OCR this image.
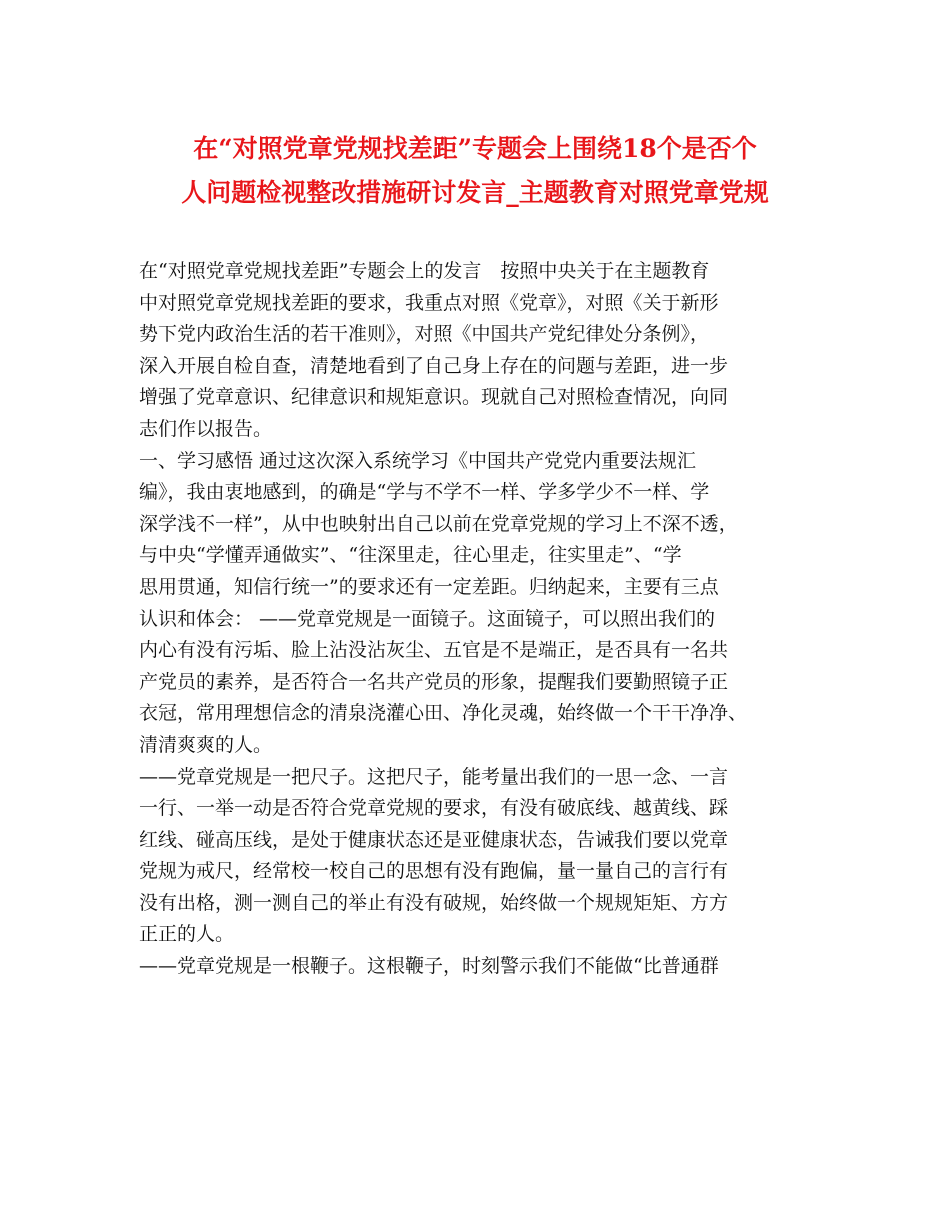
在“对照党章党规找差距”专题会上围绕18个是否个
人问题检视整改措施研讨发言_主题教育对照党章党规
在“对照党章党规找差距”专题会上的发言　按照中央关于在主题教育
中对照党章党规找差距的要求，我重点对照《党章》，对照《关于新形
势下党内政治生活的若干准则》，对照《中国共产党纪律处分条例》，
深入开展自检自查，清楚地看到了自己身上存在的问题与差距，进一步
增强了党章意识、纪律意识和规矩意识。现就自己对照检查情况，向同
志们作以报告。
一、学习感悟 通过这次深入系统学习《中国共产党党内重要法规汇
编》，我由衷地感到，的确是“学与不学不一样、学多学少不一样、学
深学浅不一样”，从中也映射出自己以前在党章党规的学习上不深不透，
与中央“学懂弄通做实”、“往深里走，往心里走，往实里走”、“学
思用贯通，知信行统一”的要求还有一定差距。归纳起来，主要有三点
认识和体会： ——党章党规是一面镜子。这面镜子，可以照出我们的
内心有没有污垢、脸上沾没沾灰尘、五官是不是端正，是否具有一名共
产党员的素养，是否符合一名共产党员的形象，提醒我们要勤照镜子正
衣冠，常用理想信念的清泉浇灌心田、净化灵魂，始终做一个干干净净、
清清爽爽的人。
——党章党规是一把尺子。这把尺子，能考量出我们的一思一念、一言
一行、一举一动是否符合党章党规的要求，有没有破底线、越黄线、踩
红线、碰高压线，是处于健康状态还是亚健康状态，告诫我们要以党章
党规为戒尺，经常校一校自己的思想有没有跑偏，量一量自己的言行有
没有出格，测一测自己的举止有没有破规，始终做一个规规矩矩、方方
正正的人。
——党章党规是一根鞭子。这根鞭子，时刻警示我们不能做“比普通群
